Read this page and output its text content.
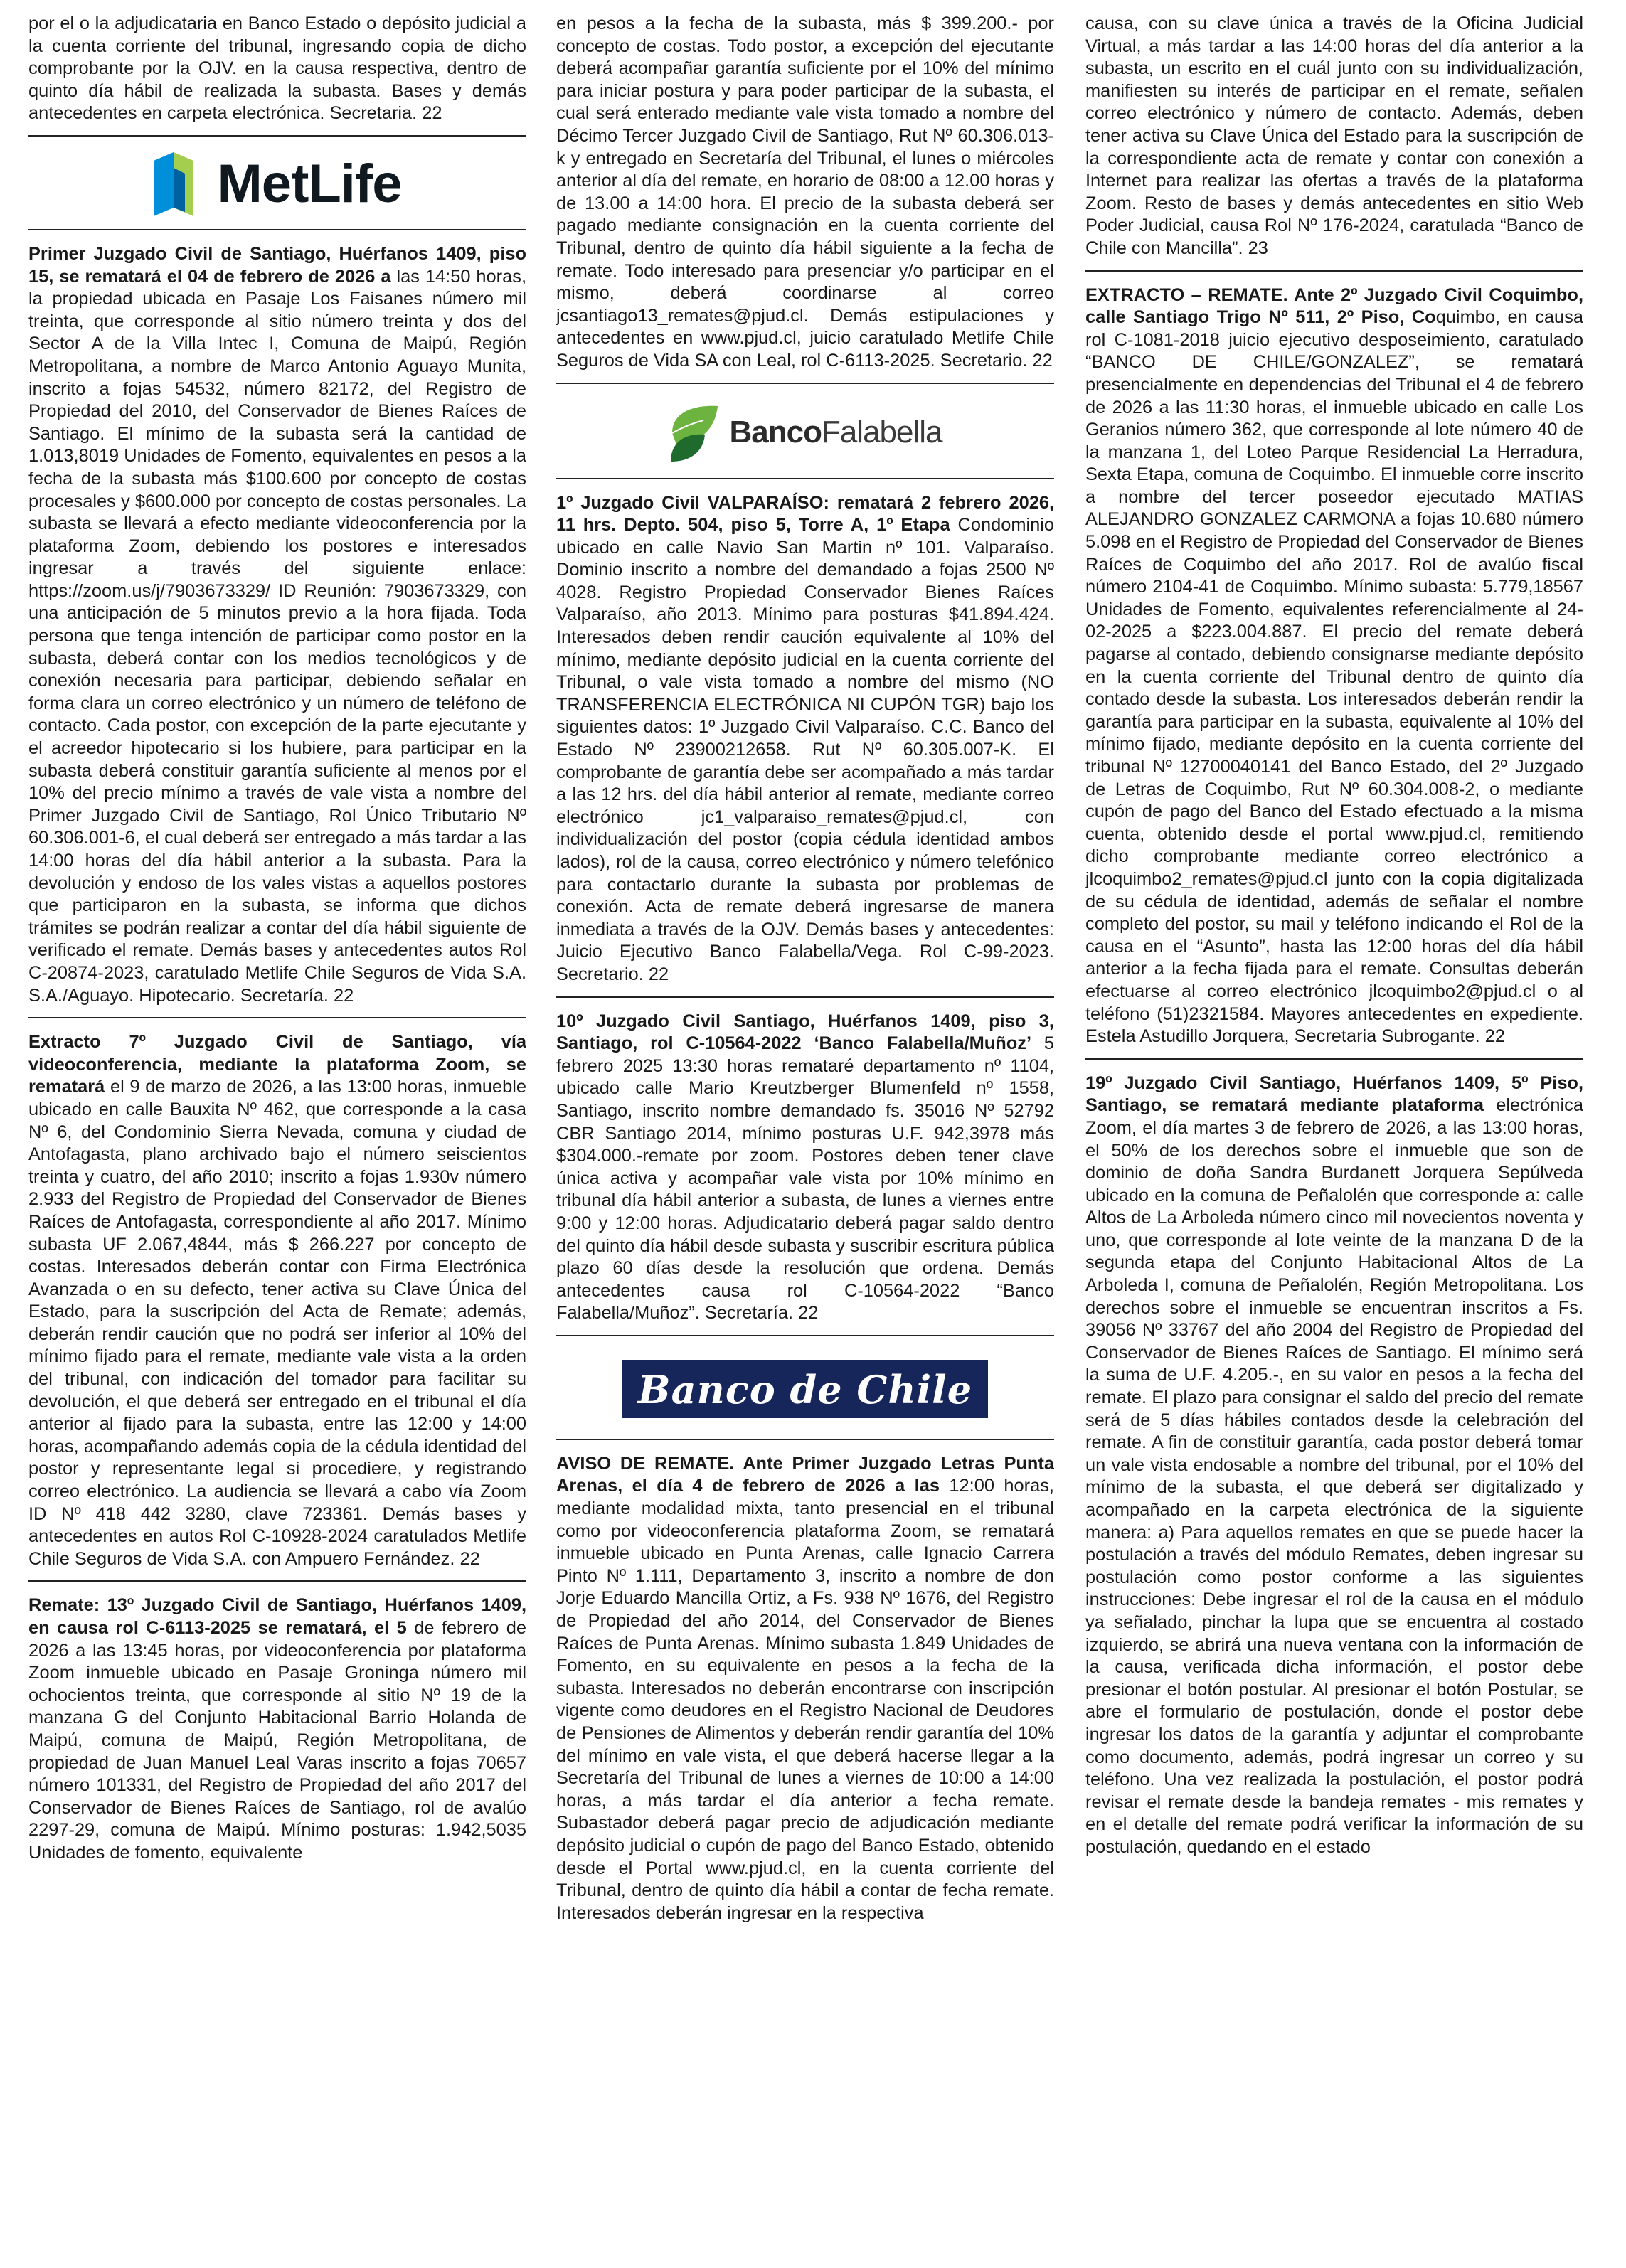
por el o la adjudicataria en Banco Estado o depósito judicial a la cuenta corriente del tribunal, ingresando copia de dicho comprobante por la OJV. en la causa respectiva, dentro de quinto día hábil de realizada la subasta. Bases y demás antecedentes en carpeta electrónica. Secretaria. 22

MetLife

Primer Juzgado Civil de Santiago, Huérfanos 1409, piso 15, se rematará el 04 de febrero de 2026 a las 14:50 horas, la propiedad ubicada en Pasaje Los Faisanes número mil treinta, que corresponde al sitio número treinta y dos del Sector A de la Villa Intec I, Comuna de Maipú, Región Metropolitana, a nombre de Marco Antonio Aguayo Munita, inscrito a fojas 54532, número 82172, del Registro de Propiedad del 2010, del Conservador de Bienes Raíces de Santiago. El mínimo de la subasta será la cantidad de 1.013,8019 Unidades de Fomento, equivalentes en pesos a la fecha de la subasta más $100.600 por concepto de costas procesales y $600.000 por concepto de costas personales. La subasta se llevará a efecto mediante videoconferencia por la plataforma Zoom, debiendo los postores e interesados ingresar a través del siguiente enlace: https://zoom.us/j/7903673329/ ID Reunión: 7903673329, con una anticipación de 5 minutos previo a la hora fijada. Toda persona que tenga intención de participar como postor en la subasta, deberá contar con los medios tecnológicos y de conexión necesaria para participar, debiendo señalar en forma clara un correo electrónico y un número de teléfono de contacto. Cada postor, con excepción de la parte ejecutante y el acreedor hipotecario si los hubiere, para participar en la subasta deberá constituir garantía suficiente al menos por el 10% del precio mínimo a través de vale vista a nombre del Primer Juzgado Civil de Santiago, Rol Único Tributario Nº 60.306.001-6, el cual deberá ser entregado a más tardar a las 14:00 horas del día hábil anterior a la subasta. Para la devolución y endoso de los vales vistas a aquellos postores que participaron en la subasta, se informa que dichos trámites se podrán realizar a contar del día hábil siguiente de verificado el remate. Demás bases y antecedentes autos Rol C-20874-2023, caratulado Metlife Chile Seguros de Vida S.A. S.A./Aguayo. Hipotecario. Secretaría. 22

Extracto 7º Juzgado Civil de Santiago, vía videoconferencia, mediante la plataforma Zoom, se rematará el 9 de marzo de 2026, a las 13:00 horas, inmueble ubicado en calle Bauxita Nº 462, que corresponde a la casa Nº 6, del Condominio Sierra Nevada, comuna y ciudad de Antofagasta, plano archivado bajo el número seiscientos treinta y cuatro, del año 2010; inscrito a fojas 1.930v número 2.933 del Registro de Propiedad del Conservador de Bienes Raíces de Antofagasta, correspondiente al año 2017. Mínimo subasta UF 2.067,4844, más $ 266.227 por concepto de costas. Interesados deberán contar con Firma Electrónica Avanzada o en su defecto, tener activa su Clave Única del Estado, para la suscripción del Acta de Remate; además, deberán rendir caución que no podrá ser inferior al 10% del mínimo fijado para el remate, mediante vale vista a la orden del tribunal, con indicación del tomador para facilitar su devolución, el que deberá ser entregado en el tribunal el día anterior al fijado para la subasta, entre las 12:00 y 14:00 horas, acompañando además copia de la cédula identidad del postor y representante legal si procediere, y registrando correo electrónico. La audiencia se llevará a cabo vía Zoom ID Nº 418 442 3280, clave 723361. Demás bases y antecedentes en autos Rol C-10928-2024 caratulados Metlife Chile Seguros de Vida S.A. con Ampuero Fernández. 22

Remate: 13º Juzgado Civil de Santiago, Huérfanos 1409, en causa rol C-6113-2025 se rematará, el 5 de febrero de 2026 a las 13:45 horas, por videoconferencia por plataforma Zoom inmueble ubicado en Pasaje Groninga número mil ochocientos treinta, que corresponde al sitio Nº 19 de la manzana G del Conjunto Habitacional Barrio Holanda de Maipú, comuna de Maipú, Región Metropolitana, de propiedad de Juan Manuel Leal Varas inscrito a fojas 70657 número 101331, del Registro de Propiedad del año 2017 del Conservador de Bienes Raíces de Santiago, rol de avalúo 2297-29, comuna de Maipú. Mínimo posturas: 1.942,5035 Unidades de fomento, equivalente

en pesos a la fecha de la subasta, más $ 399.200.- por concepto de costas. Todo postor, a excepción del ejecutante deberá acompañar garantía suficiente por el 10% del mínimo para iniciar postura y para poder participar de la subasta, el cual será enterado mediante vale vista tomado a nombre del Décimo Tercer Juzgado Civil de Santiago, Rut Nº 60.306.013-k y entregado en Secretaría del Tribunal, el lunes o miércoles anterior al día del remate, en horario de 08:00 a 12.00 horas y de 13.00 a 14:00 hora. El precio de la subasta deberá ser pagado mediante consignación en la cuenta corriente del Tribunal, dentro de quinto día hábil siguiente a la fecha de remate. Todo interesado para presenciar y/o participar en el mismo, deberá coordinarse al correo jcsantiago13_remates@pjud.cl. Demás estipulaciones y antecedentes en www.pjud.cl, juicio caratulado Metlife Chile Seguros de Vida SA con Leal, rol C-6113-2025. Secretario. 22

Banco Falabella

1º Juzgado Civil VALPARAÍSO: rematará 2 febrero 2026, 11 hrs. Depto. 504, piso 5, Torre A, 1º Etapa Condominio ubicado en calle Navio San Martin nº 101. Valparaíso. Dominio inscrito a nombre del demandado a fojas 2500 Nº 4028. Registro Propiedad Conservador Bienes Raíces Valparaíso, año 2013. Mínimo para posturas $41.894.424. Interesados deben rendir caución equivalente al 10% del mínimo, mediante depósito judicial en la cuenta corriente del Tribunal, o vale vista tomado a nombre del mismo (NO TRANSFERENCIA ELECTRÓNICA NI CUPÓN TGR) bajo los siguientes datos: 1º Juzgado Civil Valparaíso. C.C. Banco del Estado Nº 23900212658. Rut Nº 60.305.007-K. El comprobante de garantía debe ser acompañado a más tardar a las 12 hrs. del día hábil anterior al remate, mediante correo electrónico jc1_valparaiso_remates@pjud.cl, con individualización del postor (copia cédula identidad ambos lados), rol de la causa, correo electrónico y número telefónico para contactarlo durante la subasta por problemas de conexión. Acta de remate deberá ingresarse de manera inmediata a través de la OJV. Demás bases y antecedentes: Juicio Ejecutivo Banco Falabella/Vega. Rol C-99-2023. Secretario. 22

10º Juzgado Civil Santiago, Huérfanos 1409, piso 3, Santiago, rol C-10564-2022 ‘Banco Falabella/Muñoz’ 5 febrero 2025 13:30 horas remataré departamento nº 1104, ubicado calle Mario Kreutzberger Blumenfeld nº 1558, Santiago, inscrito nombre demandado fs. 35016 Nº 52792 CBR Santiago 2014, mínimo posturas U.F. 942,3978 más $304.000.-remate por zoom. Postores deben tener clave única activa y acompañar vale vista por 10% mínimo en tribunal día hábil anterior a subasta, de lunes a viernes entre 9:00 y 12:00 horas. Adjudicatario deberá pagar saldo dentro del quinto día hábil desde subasta y suscribir escritura pública plazo 60 días desde la resolución que ordena. Demás antecedentes causa rol C-10564-2022 “Banco Falabella/Muñoz”. Secretaría. 22

Banco de Chile

AVISO DE REMATE. Ante Primer Juzgado Letras Punta Arenas, el día 4 de febrero de 2026 a las 12:00 horas, mediante modalidad mixta, tanto presencial en el tribunal como por videoconferencia plataforma Zoom, se rematará inmueble ubicado en Punta Arenas, calle Ignacio Carrera Pinto Nº 1.111, Departamento 3, inscrito a nombre de don Jorje Eduardo Mancilla Ortiz, a Fs. 938 Nº 1676, del Registro de Propiedad del año 2014, del Conservador de Bienes Raíces de Punta Arenas. Mínimo subasta 1.849 Unidades de Fomento, en su equivalente en pesos a la fecha de la subasta. Interesados no deberán encontrarse con inscripción vigente como deudores en el Registro Nacional de Deudores de Pensiones de Alimentos y deberán rendir garantía del 10% del mínimo en vale vista, el que deberá hacerse llegar a la Secretaría del Tribunal de lunes a viernes de 10:00 a 14:00 horas, a más tardar el día anterior a fecha remate. Subastador deberá pagar precio de adjudicación mediante depósito judicial o cupón de pago del Banco Estado, obtenido desde el Portal www.pjud.cl, en la cuenta corriente del Tribunal, dentro de quinto día hábil a contar de fecha remate. Interesados deberán ingresar en la respectiva

causa, con su clave única a través de la Oficina Judicial Virtual, a más tardar a las 14:00 horas del día anterior a la subasta, un escrito en el cuál junto con su individualización, manifiesten su interés de participar en el remate, señalen correo electrónico y número de contacto. Además, deben tener activa su Clave Única del Estado para la suscripción de la correspondiente acta de remate y contar con conexión a Internet para realizar las ofertas a través de la plataforma Zoom. Resto de bases y demás antecedentes en sitio Web Poder Judicial, causa Rol Nº 176-2024, caratulada “Banco de Chile con Mancilla”. 23

EXTRACTO – REMATE. Ante 2º Juzgado Civil Coquimbo, calle Santiago Trigo Nº 511, 2º Piso, Coquimbo, en causa rol C-1081-2018 juicio ejecutivo desposeimiento, caratulado “BANCO DE CHILE/GONZALEZ”, se rematará presencialmente en dependencias del Tribunal el 4 de febrero de 2026 a las 11:30 horas, el inmueble ubicado en calle Los Geranios número 362, que corresponde al lote número 40 de la manzana 1, del Loteo Parque Residencial La Herradura, Sexta Etapa, comuna de Coquimbo. El inmueble corre inscrito a nombre del tercer poseedor ejecutado MATIAS ALEJANDRO GONZALEZ CARMONA a fojas 10.680 número 5.098 en el Registro de Propiedad del Conservador de Bienes Raíces de Coquimbo del año 2017. Rol de avalúo fiscal número 2104-41 de Coquimbo. Mínimo subasta: 5.779,18567 Unidades de Fomento, equivalentes referencialmente al 24-02-2025 a $223.004.887. El precio del remate deberá pagarse al contado, debiendo consignarse mediante depósito en la cuenta corriente del Tribunal dentro de quinto día contado desde la subasta. Los interesados deberán rendir la garantía para participar en la subasta, equivalente al 10% del mínimo fijado, mediante depósito en la cuenta corriente del tribunal Nº 12700040141 del Banco Estado, del 2º Juzgado de Letras de Coquimbo, Rut Nº 60.304.008-2, o mediante cupón de pago del Banco del Estado efectuado a la misma cuenta, obtenido desde el portal www.pjud.cl, remitiendo dicho comprobante mediante correo electrónico a jlcoquimbo2_remates@pjud.cl junto con la copia digitalizada de su cédula de identidad, además de señalar el nombre completo del postor, su mail y teléfono indicando el Rol de la causa en el “Asunto”, hasta las 12:00 horas del día hábil anterior a la fecha fijada para el remate. Consultas deberán efectuarse al correo electrónico jlcoquimbo2@pjud.cl o al teléfono (51)2321584. Mayores antecedentes en expediente. Estela Astudillo Jorquera, Secretaria Subrogante. 22

19º Juzgado Civil Santiago, Huérfanos 1409, 5º Piso, Santiago, se rematará mediante plataforma electrónica Zoom, el día martes 3 de febrero de 2026, a las 13:00 horas, el 50% de los derechos sobre el inmueble que son de dominio de doña Sandra Burdanett Jorquera Sepúlveda ubicado en la comuna de Peñalolén que corresponde a: calle Altos de La Arboleda número cinco mil novecientos noventa y uno, que corresponde al lote veinte de la manzana D de la segunda etapa del Conjunto Habitacional Altos de La Arboleda I, comuna de Peñalolén, Región Metropolitana. Los derechos sobre el inmueble se encuentran inscritos a Fs. 39056 Nº 33767 del año 2004 del Registro de Propiedad del Conservador de Bienes Raíces de Santiago. El mínimo será la suma de U.F. 4.205.-, en su valor en pesos a la fecha del remate. El plazo para consignar el saldo del precio del remate será de 5 días hábiles contados desde la celebración del remate. A fin de constituir garantía, cada postor deberá tomar un vale vista endosable a nombre del tribunal, por el 10% del mínimo de la subasta, el que deberá ser digitalizado y acompañado en la carpeta electrónica de la siguiente manera: a) Para aquellos remates en que se puede hacer la postulación a través del módulo Remates, deben ingresar su postulación como postor conforme a las siguientes instrucciones: Debe ingresar el rol de la causa en el módulo ya señalado, pinchar la lupa que se encuentra al costado izquierdo, se abrirá una nueva ventana con la información de la causa, verificada dicha información, el postor debe presionar el botón postular. Al presionar el botón Postular, se abre el formulario de postulación, donde el postor debe ingresar los datos de la garantía y adjuntar el comprobante como documento, además, podrá ingresar un correo y su teléfono. Una vez realizada la postulación, el postor podrá revisar el remate desde la bandeja remates - mis remates y en el detalle del remate podrá verificar la información de su postulación, quedando en el estado
